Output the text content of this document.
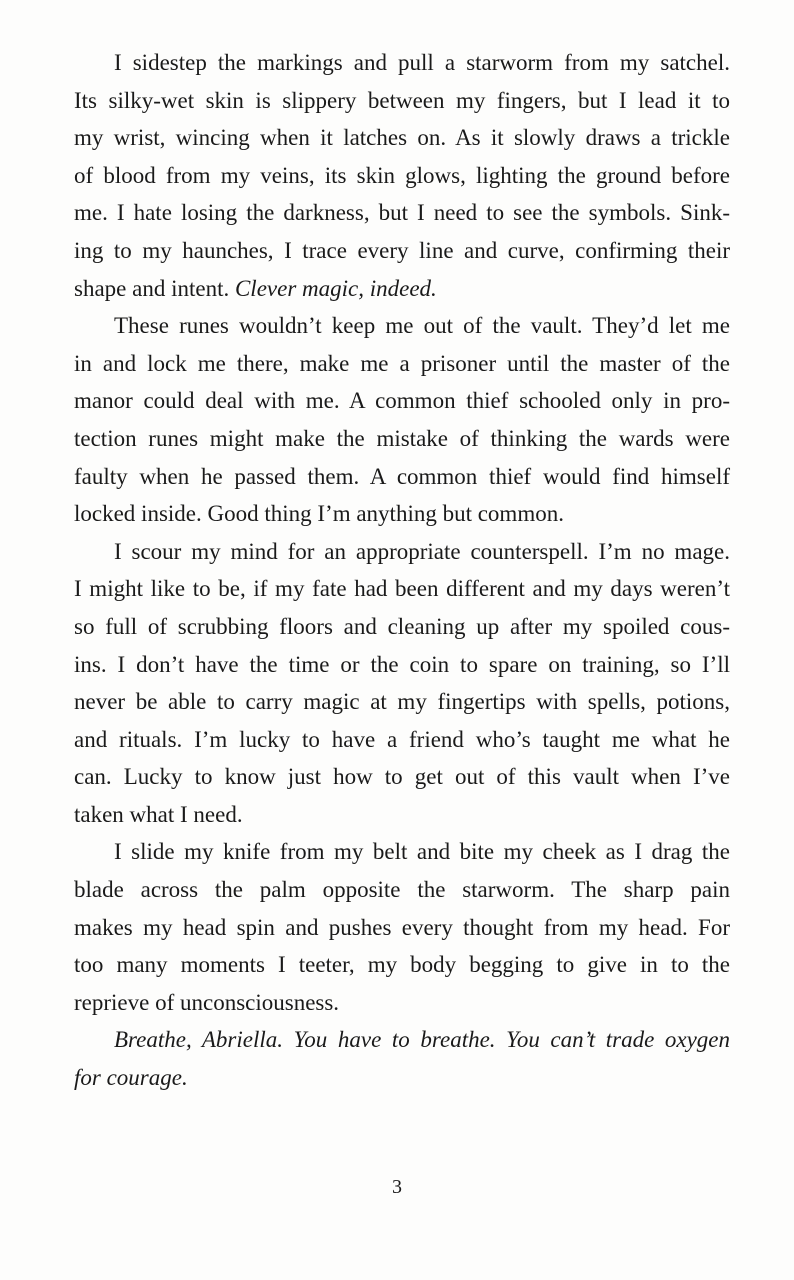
I sidestep the markings and pull a starworm from my satchel.
Its silky-wet skin is slippery between my fingers, but I lead it to
my wrist, wincing when it latches on. As it slowly draws a trickle
of blood from my veins, its skin glows, lighting the ground before
me. I hate losing the darkness, but I need to see the symbols. Sink-
ing to my haunches, I trace every line and curve, confirming their
shape and intent. Clever magic, indeed.
These runes wouldn’t keep me out of the vault. They’d let me
in and lock me there, make me a prisoner until the master of the
manor could deal with me. A common thief schooled only in pro-
tection runes might make the mistake of thinking the wards were
faulty when he passed them. A common thief would find himself
locked inside. Good thing I’m anything but common.
I scour my mind for an appropriate counterspell. I’m no mage.
I might like to be, if my fate had been different and my days weren’t
so full of scrubbing floors and cleaning up after my spoiled cous-
ins. I don’t have the time or the coin to spare on training, so I’ll
never be able to carry magic at my fingertips with spells, potions,
and rituals. I’m lucky to have a friend who’s taught me what he
can. Lucky to know just how to get out of this vault when I’ve
taken what I need.
I slide my knife from my belt and bite my cheek as I drag the
blade across the palm opposite the starworm. The sharp pain
makes my head spin and pushes every thought from my head. For
too many moments I teeter, my body begging to give in to the
reprieve of unconsciousness.
Breathe, Abriella. You have to breathe. You can’t trade oxygen
for courage.
3
